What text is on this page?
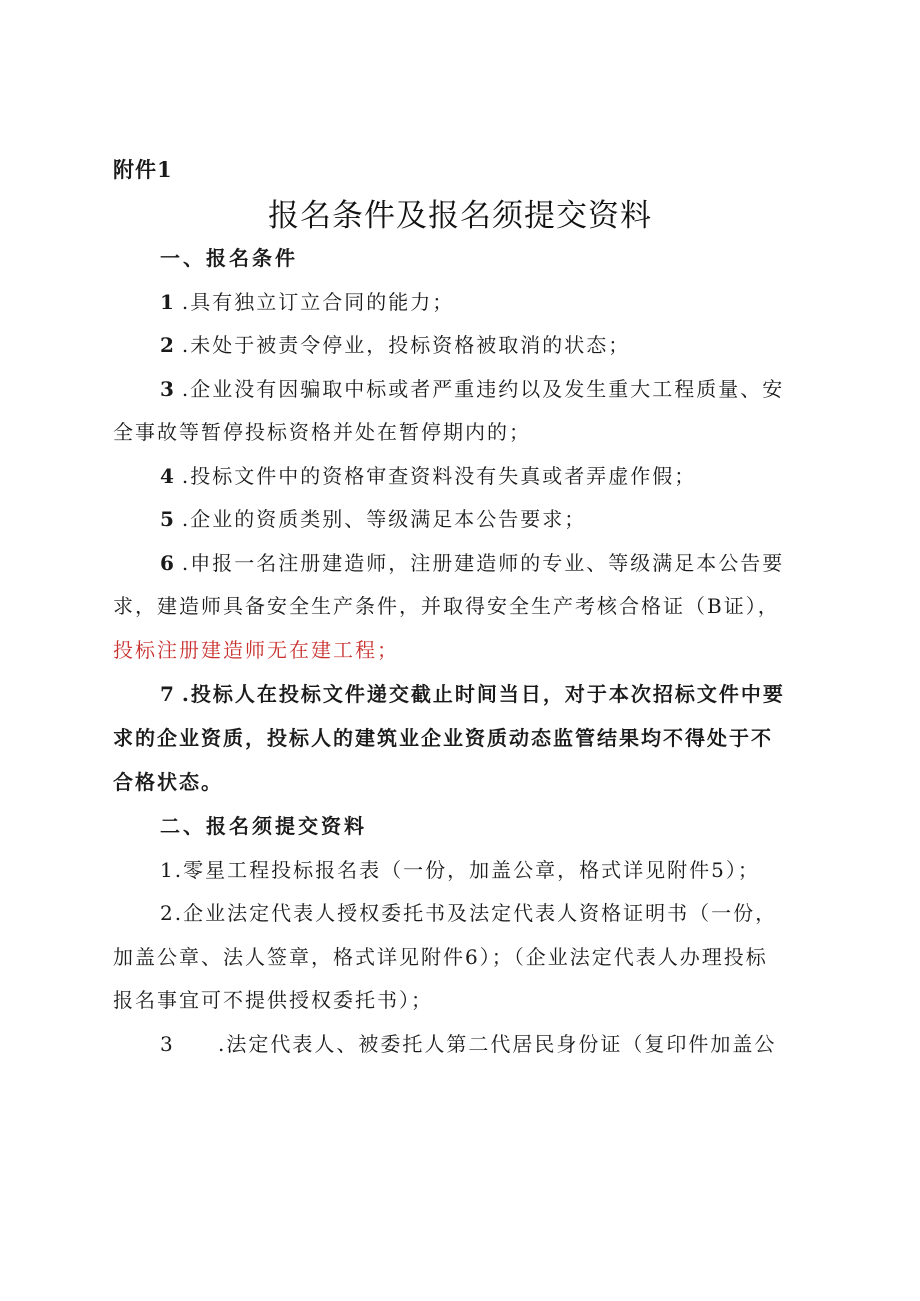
附件1
报名条件及报名须提交资料
一、报名条件
1 .具有独立订立合同的能力；
2 .未处于被责令停业，投标资格被取消的状态；
3 .企业没有因骗取中标或者严重违约以及发生重大工程质量、安
全事故等暂停投标资格并处在暂停期内的；
4 .投标文件中的资格审查资料没有失真或者弄虚作假；
5 .企业的资质类别、等级满足本公告要求；
6 .申报一名注册建造师，注册建造师的专业、等级满足本公告要
求，建造师具备安全生产条件，并取得安全生产考核合格证（B证），
投标注册建造师无在建工程；
7 .投标人在投标文件递交截止时间当日，对于本次招标文件中要
求的企业资质，投标人的建筑业企业资质动态监管结果均不得处于不
合格状态。
二、报名须提交资料
1.零星工程投标报名表（一份，加盖公章，格式详见附件5）；
2.企业法定代表人授权委托书及法定代表人资格证明书（一份，
加盖公章、法人签章，格式详见附件6）；（企业法定代表人办理投标
报名事宜可不提供授权委托书）；
3 .法定代表人、被委托人第二代居民身份证（复印件加盖公
